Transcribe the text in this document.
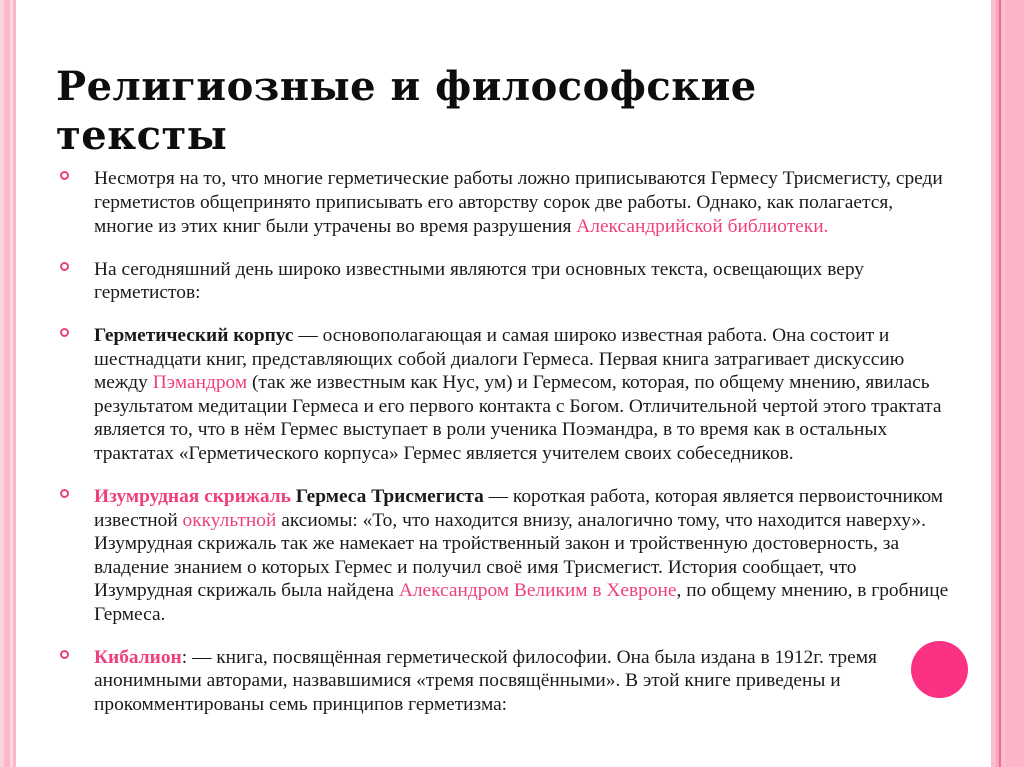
Религиозные и философские тексты

Несмотря на то, что многие герметические работы ложно приписываются Гермесу Трисмегисту, среди герметистов общепринято приписывать его авторству сорок две работы. Однако, как полагается, многие из этих книг были утрачены во время разрушения Александрийской библиотеки.

На сегодняшний день широко известными являются три основных текста, освещающих веру герметистов:

Герметический корпус — основополагающая и самая широко известная работа. Она состоит и шестнадцати книг, представляющих собой диалоги Гермеса. Первая книга затрагивает дискуссию между Пэмандром (так же известным как Нус, ум) и Гермесом, которая, по общему мнению, явилась результатом медитации Гермеса и его первого контакта с Богом. Отличительной чертой этого трактата является то, что в нём Гермес выступает в роли ученика Поэмандра, в то время как в остальных трактатах «Герметического корпуса» Гермес является учителем своих собеседников.

Изумрудная скрижаль Гермеса Трисмегиста — короткая работа, которая является первоисточником известной оккультной аксиомы: «То, что находится внизу, аналогично тому, что находится наверху». Изумрудная скрижаль так же намекает на тройственный закон и тройственную достоверность, за владение знанием о которых Гермес и получил своё имя Трисмегист. История сообщает, что Изумрудная скрижаль была найдена Александром Великим в Хевроне, по общему мнению, в гробнице Гермеса.

Кибалион: — книга, посвящённая герметической философии. Она была издана в 1912г. тремя анонимными авторами, назвавшимися «тремя посвящёнными». В этой книге приведены и прокомментированы семь принципов герметизма:
